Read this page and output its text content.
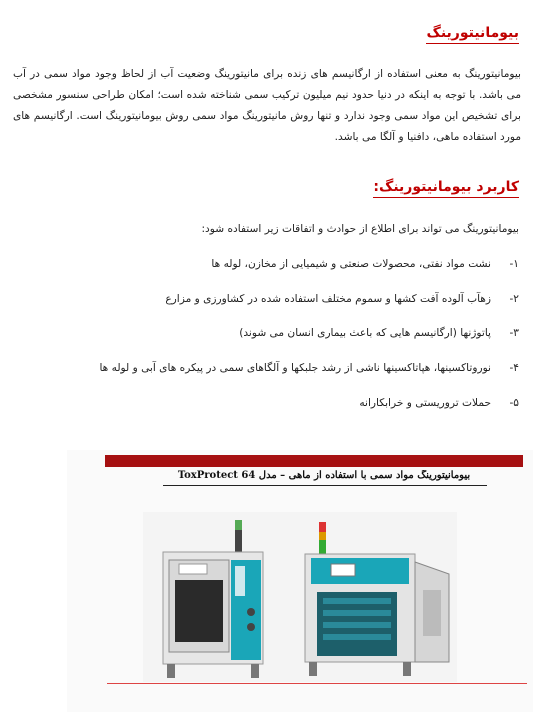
بیومانیتورینگ
بیومانیتورینگ به معنی استفاده از ارگانیسم های زنده برای مانیتورینگ وضعیت آب از لحاظ وجود مواد سمی در آب می باشد. با توجه به اینکه در دنیا حدود نیم میلیون ترکیب سمی شناخته شده است؛ امکان طراحی سنسور مشخصی برای تشخیص این مواد سمی وجود ندارد و تنها روش مانیتورینگ مواد سمی روش بیومانیتورینگ است. ارگانیسم های مورد استفاده ماهی، دافنیا و آلگا می باشد.
کاربرد بیومانیتورینگ:
بیومانیتورینگ می تواند برای اطلاع از حوادث و اتفاقات زیر استفاده شود:
۱-نشت مواد نفتی، محصولات صنعتی و شیمیایی از مخازن، لوله ها
۲-زهآب آلوده آفت کشها و سموم مختلف استفاده شده در کشاورزی و مزارع
۳-پاتوژنها (ارگانیسم هایی که باعث بیماری انسان می شوند)
۴-نوروتاکسینها، هپاتاکسینها ناشی از رشد جلبکها و آلگاهای سمی در پیکره های آبی و لوله ها
۵-حملات تروریستی و خرابکارانه
بیومانیتورینگ مواد سمی با استفاده از ماهی – مدل ToxProtect 64
